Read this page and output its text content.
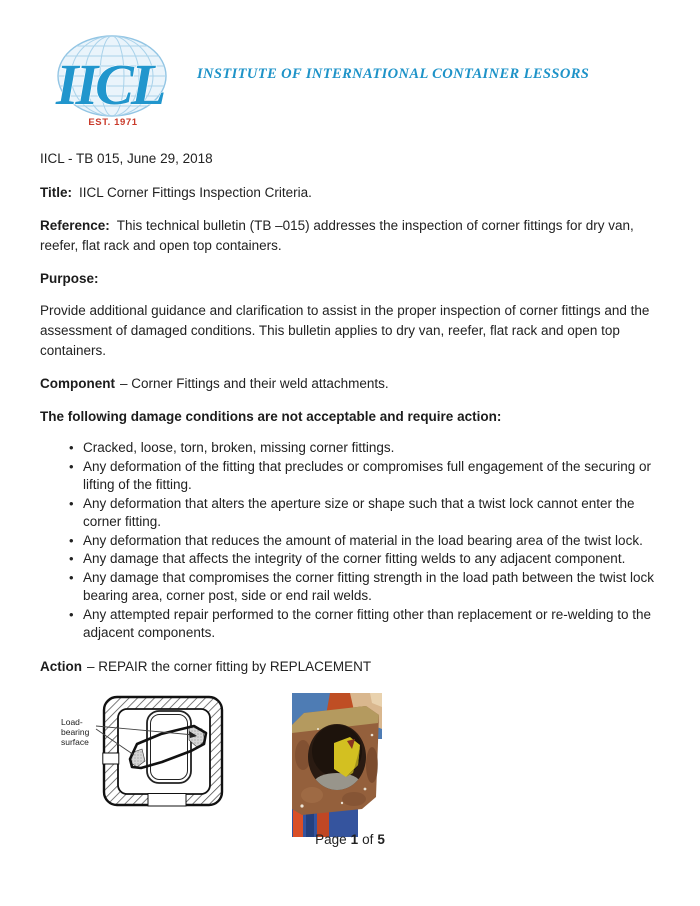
IICL
EST. 1971
INSTITUTE OF INTERNATIONAL CONTAINER LESSORS

IICL - TB 015, June 29, 2018

Title: IICL Corner Fittings Inspection Criteria.

Reference: This technical bulletin (TB –015) addresses the inspection of corner fittings for dry van, reefer, flat rack and open top containers.

Purpose:

Provide additional guidance and clarification to assist in the proper inspection of corner fittings and the assessment of damaged conditions. This bulletin applies to dry van, reefer, flat rack and open top containers.

Component – Corner Fittings and their weld attachments.

The following damage conditions are not acceptable and require action:

• Cracked, loose, torn, broken, missing corner fittings.
• Any deformation of the fitting that precludes or compromises full engagement of the securing or lifting of the fitting.
• Any deformation that alters the aperture size or shape such that a twist lock cannot enter the corner fitting.
• Any deformation that reduces the amount of material in the load bearing area of the twist lock.
• Any damage that affects the integrity of the corner fitting welds to any adjacent component.
• Any damage that compromises the corner fitting strength in the load path between the twist lock bearing area, corner post, side or end rail welds.
• Any attempted repair performed to the corner fitting other than replacement or re-welding to the adjacent components.

Action – REPAIR the corner fitting by REPLACEMENT

Load- bearing surface
Page 1 of 5
